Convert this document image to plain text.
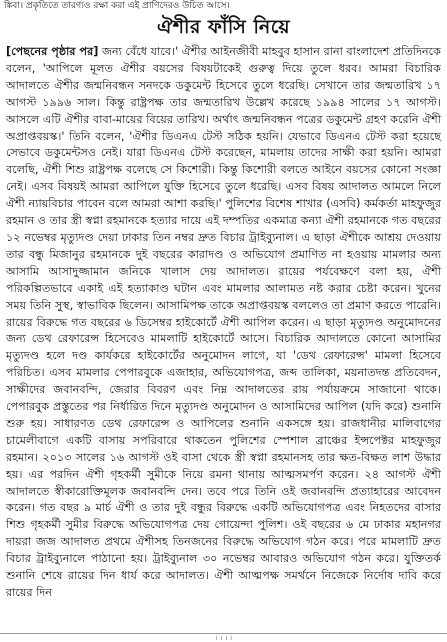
ঙ্কিবা। প্রকৃতিতে তারণ্যও রক্ষা করা এই প্রাণিদেরও উচিত আসে।
ঐশীর ফাঁসি নিয়ে
[পেছনের পৃষ্ঠার পর] জন্য বেঁধে যাবে।' ঐশীর আইনজীবী মাহবুব হাসান রানা বাংলাদেশ প্রতিদিনকে বলেন, 'আপিলে মূলত ঐশীর বয়সের বিষয়টাকেই গুরুত্ব দিয়ে তুলে ধরব। আমরা বিচারিক আদালতে ঐশীর জন্মনিবন্ধন সনদকে ডকুমেন্ট হিসেবে তুলে ধরেছি। সেখানে তার জন্মতারিখ ১৭ আগস্ট ১৯৯৬ সাল। কিন্তু রাষ্ট্রপক্ষ তার জন্মতারিখ উল্লেখ করেছে ১৯৯৪ সালের ১৭ আগস্ট। আসলে এটি ঐশীর বাবা-মায়ের বিয়ের তারিখ। অর্থাৎ জন্মনিবন্ধন পত্রের ডকুমেন্ট গ্রহণ করেনি ঐশী অপ্রাপ্তবয়স্ক।' তিনি বলেন, 'ঐশীর ডিএনএ টেস্ট সঠিক হয়নি। যেভাবে ডিএনএ টেস্ট করা হয়েছে সেভাবে ডকুমেন্টসও নেই। যারা ডিএনএ টেস্ট করেছেন, মামলায় তাদের সাক্ষী করা হয়নি। আমরা বলেছি, ঐশী শিশু রাষ্ট্রপক্ষ বলেছে সে কিশোরী। কিন্তু কিশোরী বলতে আইনে বয়সের কোনো সংজ্ঞা নেই। এসব বিষয়ই আমরা আপিলে যুক্তি হিসেবে তুলে ধরেছি। এসব বিষয় আদালত আমলে নিলে ঐশী ন্যায়বিচার পাবেন বলে আমরা আশা করছি।' পুলিশের বিশেষ শাখার (এসবি) কর্মকর্তা মাহফুজুর রহমান ও তার স্ত্রী স্বপ্না রহমানকে হত্যার দায়ে এই দম্পতির একমাত্র কন্যা ঐশী রহমানকে গত বছরের ১২ নভেম্বর মৃত্যুদণ্ড দেয়া ঢাকার তিন নম্বর দ্রুত বিচার ট্রাইব্যুনাল। এ ছাড়া ঐশীকে আশ্রয় দেওয়ায় তার বন্ধু মিজানুর রহমানকে দুই বছরের কারাদণ্ড ও অভিযোগ প্রমাণিত না হওয়ায় মামলার অন্য আসামি আসাদুজ্জামান জনিকে খালাস দেয় আদালত। রায়ের পর্যবেক্ষণে বলা হয়, ঐশী পরিকল্পিতভাবে একাই এই হত্যাকাণ্ড ঘটান এবং মামলার আলামত নষ্ট করার চেষ্টা করেন। খুনের সময় তিনি সুস্থ, স্বাভাবিক ছিলেন। আসামিপক্ষ তাকে অপ্রাপ্তবয়স্ক বললেও তা প্রমাণ করতে পারেনি। রায়ের বিরুদ্ধে গত বছরের ৬ ডিসেম্বর হাইকোর্টে ঐশী আপিল করেন। এ ছাড়া মৃত্যুদণ্ড অনুমোদনের জন্য ডেথ রেফারেন্স হিসেবেও মামলাটি হাইকোর্টে আসে। বিচারিক আদালতে কোনো আসামির মৃত্যুদণ্ড হলে দণ্ড কার্যকরে হাইকোর্টের অনুমোদন লাগে, যা 'ডেথ রেফারেন্স' মামলা হিসেবে পরিচিত। এসব মামলার পেপারবুকে এজাহার, অভিযোগপত্র, জব্দ তালিকা, ময়নাতদন্ত প্রতিবেদন, সাক্ষীদের জবানবন্দি, জেরার বিবরণ এবং নিম্ন আদালতের রায় পর্যায়ক্রমে সাজানো থাকে। পেপারবুক প্রস্তুতের পর নির্ধারিত দিনে মৃত্যুদণ্ড অনুমোদন ও আসামিদের আপিল (যদি করে) শুনানি শুরু হয়। সাধারণত ডেথ রেফারেন্স ও আপিলের শুনানি একসঙ্গে হয়। রাজধানীর মালিবাগের চামেলীবাগে একটি বাসায় সপরিবারে থাকতেন পুলিশের স্পেশাল ব্রাঞ্চের ইন্সপেক্টর মাহফুজুর রহমান। ২০১৩ সালের ১৬ আগস্ট ওই বাসা থেকে স্ত্রী স্বপ্না রহমানসহ তার ক্ষত-বিক্ষত লাশ উদ্ধার হয়। এর পরদিন ঐশী গৃহকর্মী সুমীকে নিয়ে রমনা থানায় আত্মসমর্পণ করেন। ২৪ আগস্ট ঐশী আদালতে স্বীকারোক্তিমূলক জবানবন্দি দেন। তবে পরে তিনি ওই জবানবন্দি প্রত্যাহারের আবেদন করেন। গত বছর ৯ মার্চ ঐশী ও তার দুই বন্ধুর বিরুদ্ধে একটি অভিযোগপত্র এবং নিহতদের বাসার শিশু গৃহকর্মী সুমীর বিরুদ্ধে অভিযোগপত্র দেয় গোয়েন্দা পুলিশ। ওই বছরের ৬ মে ঢাকার মহানগর দায়রা জজ আদালত প্রথমে ঐশীসহ তিনজনের বিরুদ্ধে অভিযোগ গঠন করে। পরে মামলাটি দ্রুত বিচার ট্রাইব্যুনালে পাঠানো হয়। ট্রাইব্যুনাল ৩০ নভেম্বর আবারও অভিযোগ গঠন করে। যুক্তিতর্ক শুনানি শেষে রায়ের দিন ধার্য করে আদালত। ঐশী আত্মপক্ষ সমর্থনে নিজেকে নির্দোষ দাবি করে রায়ের দিন
। । । ।
